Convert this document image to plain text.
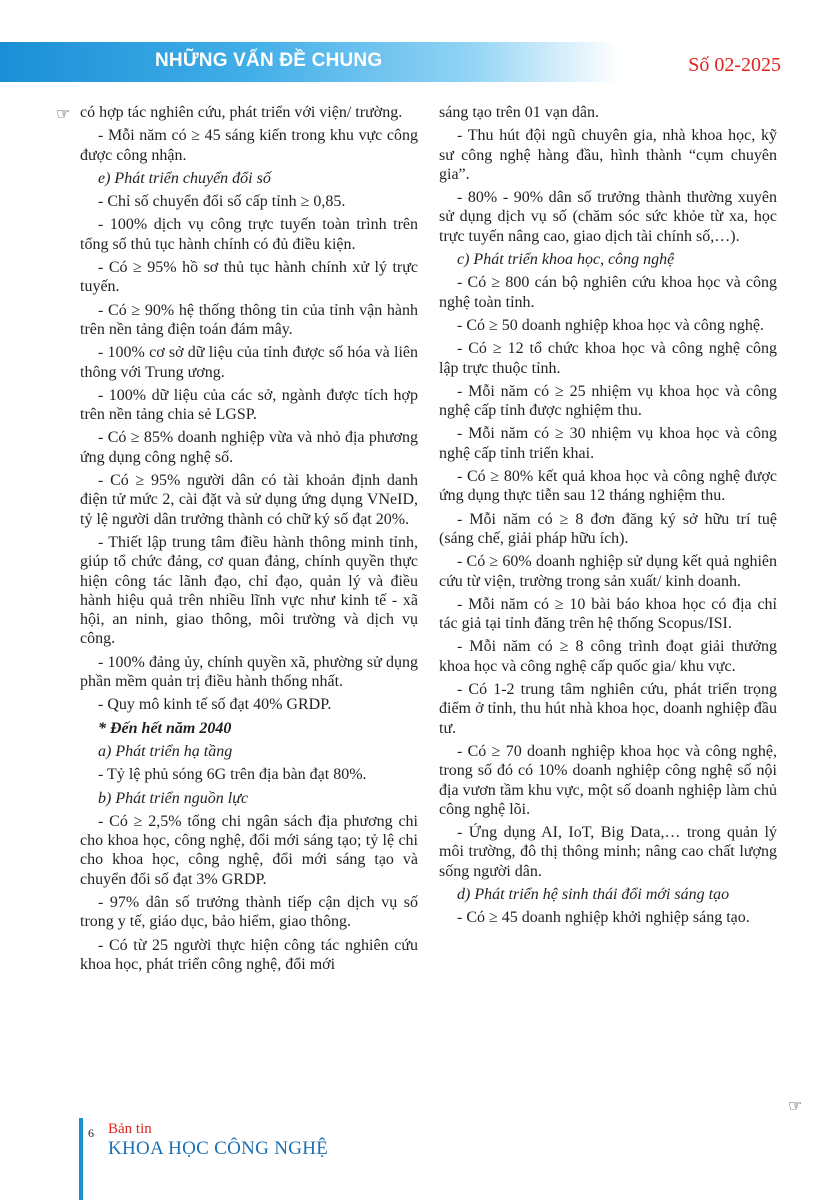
NHỮNG VẤN ĐỀ CHUNG	Số 02-2025
☞ có hợp tác nghiên cứu, phát triển với viện/ trường.

- Mỗi năm có ≥ 45 sáng kiến trong khu vực công được công nhận.

e) Phát triển chuyển đổi số

- Chỉ số chuyển đổi số cấp tỉnh ≥ 0,85.

- 100% dịch vụ công trực tuyến toàn trình trên tổng số thủ tục hành chính có đủ điều kiện.

- Có ≥ 95% hồ sơ thủ tục hành chính xử lý trực tuyến.

- Có ≥ 90% hệ thống thông tin của tỉnh vận hành trên nền tảng điện toán đám mây.

- 100% cơ sở dữ liệu của tỉnh được số hóa và liên thông với Trung ương.

- 100% dữ liệu của các sở, ngành được tích hợp trên nền tảng chia sẻ LGSP.

- Có ≥ 85% doanh nghiệp vừa và nhỏ địa phương ứng dụng công nghệ số.

- Có ≥ 95% người dân có tài khoản định danh điện tử mức 2, cài đặt và sử dụng ứng dụng VNeID, tỷ lệ người dân trưởng thành có chữ ký số đạt 20%.

- Thiết lập trung tâm điều hành thông minh tỉnh, giúp tổ chức đảng, cơ quan đảng, chính quyền thực hiện công tác lãnh đạo, chỉ đạo, quản lý và điều hành hiệu quả trên nhiều lĩnh vực như kinh tế - xã hội, an ninh, giao thông, môi trường và dịch vụ công.

- 100% đảng ủy, chính quyền xã, phường sử dụng phần mềm quản trị điều hành thống nhất.

- Quy mô kinh tế số đạt 40% GRDP.

* Đến hết năm 2040

a) Phát triển hạ tầng

- Tỷ lệ phủ sóng 6G trên địa bàn đạt 80%.

b) Phát triển nguồn lực

- Có ≥ 2,5% tổng chi ngân sách địa phương chi cho khoa học, công nghệ, đổi mới sáng tạo; tỷ lệ chi cho khoa học, công nghệ, đổi mới sáng tạo và chuyển đổi số đạt 3% GRDP.

- 97% dân số trưởng thành tiếp cận dịch vụ số trong y tế, giáo dục, bảo hiểm, giao thông.

- Có từ 25 người thực hiện công tác nghiên cứu khoa học, phát triển công nghệ, đổi mới

sáng tạo trên 01 vạn dân.

- Thu hút đội ngũ chuyên gia, nhà khoa học, kỹ sư công nghệ hàng đầu, hình thành “cụm chuyên gia”.

- 80% - 90% dân số trưởng thành thường xuyên sử dụng dịch vụ số (chăm sóc sức khỏe từ xa, học trực tuyến nâng cao, giao dịch tài chính số,…).

c) Phát triển khoa học, công nghệ

- Có ≥ 800 cán bộ nghiên cứu khoa học và công nghệ toàn tỉnh.

- Có ≥ 50 doanh nghiệp khoa học và công nghệ.

- Có ≥ 12 tổ chức khoa học và công nghệ công lập trực thuộc tỉnh.

- Mỗi năm có ≥ 25 nhiệm vụ khoa học và công nghệ cấp tỉnh được nghiệm thu.

- Mỗi năm có ≥ 30 nhiệm vụ khoa học và công nghệ cấp tỉnh triển khai.

- Có ≥ 80% kết quả khoa học và công nghệ được ứng dụng thực tiễn sau 12 tháng nghiệm thu.

- Mỗi năm có ≥ 8 đơn đăng ký sở hữu trí tuệ (sáng chế, giải pháp hữu ích).

- Có ≥ 60% doanh nghiệp sử dụng kết quả nghiên cứu từ viện, trường trong sản xuất/ kinh doanh.

- Mỗi năm có ≥ 10 bài báo khoa học có địa chỉ tác giả tại tỉnh đăng trên hệ thống Scopus/ISI.

- Mỗi năm có ≥ 8 công trình đoạt giải thưởng khoa học và công nghệ cấp quốc gia/ khu vực.

- Có 1-2 trung tâm nghiên cứu, phát triển trọng điểm ở tỉnh, thu hút nhà khoa học, doanh nghiệp đầu tư.

- Có ≥ 70 doanh nghiệp khoa học và công nghệ, trong số đó có 10% doanh nghiệp công nghệ số nội địa vươn tầm khu vực, một số doanh nghiệp làm chủ công nghệ lõi.

- Ứng dụng AI, IoT, Big Data,… trong quản lý môi trường, đô thị thông minh; nâng cao chất lượng sống người dân.

d) Phát triển hệ sinh thái đổi mới sáng tạo

- Có ≥ 45 doanh nghiệp khởi nghiệp sáng tạo.

☞
6 Bản tin
KHOA HỌC CÔNG NGHỆ
